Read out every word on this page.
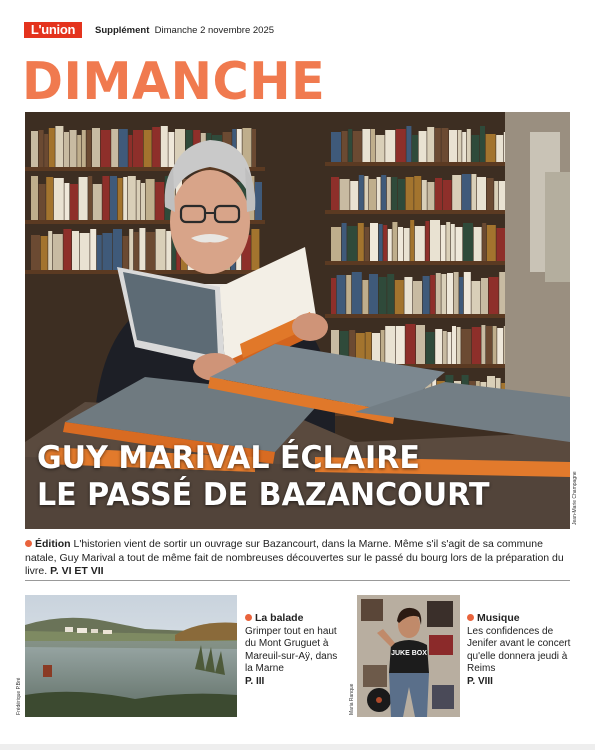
L'union	Supplément Dimanche 2 novembre 2025
DIMANCHE
GUY MARIVAL ÉCLAIRE
LE PASSÉ DE BAZANCOURT	Jean-Marie Champagne
Édition L'historien vient de sortir un ouvrage sur Bazancourt, dans la Marne. Même s'il s'agit de sa commune natale, Guy Marival a tout de même fait de nombreuses découvertes sur le passé du bourg lors de la préparation du livre. P. VI ET VII
Frédérique P.Bré
La balade
Grimper tout en haut du Mont Gruguet à Mareuil-sur-Aÿ, dans la Marne
P. III
JUKE BOX
Maria Ranque
Musique
Les confidences de Jenifer avant le concert qu'elle donnera jeudi à Reims
P. VIII
